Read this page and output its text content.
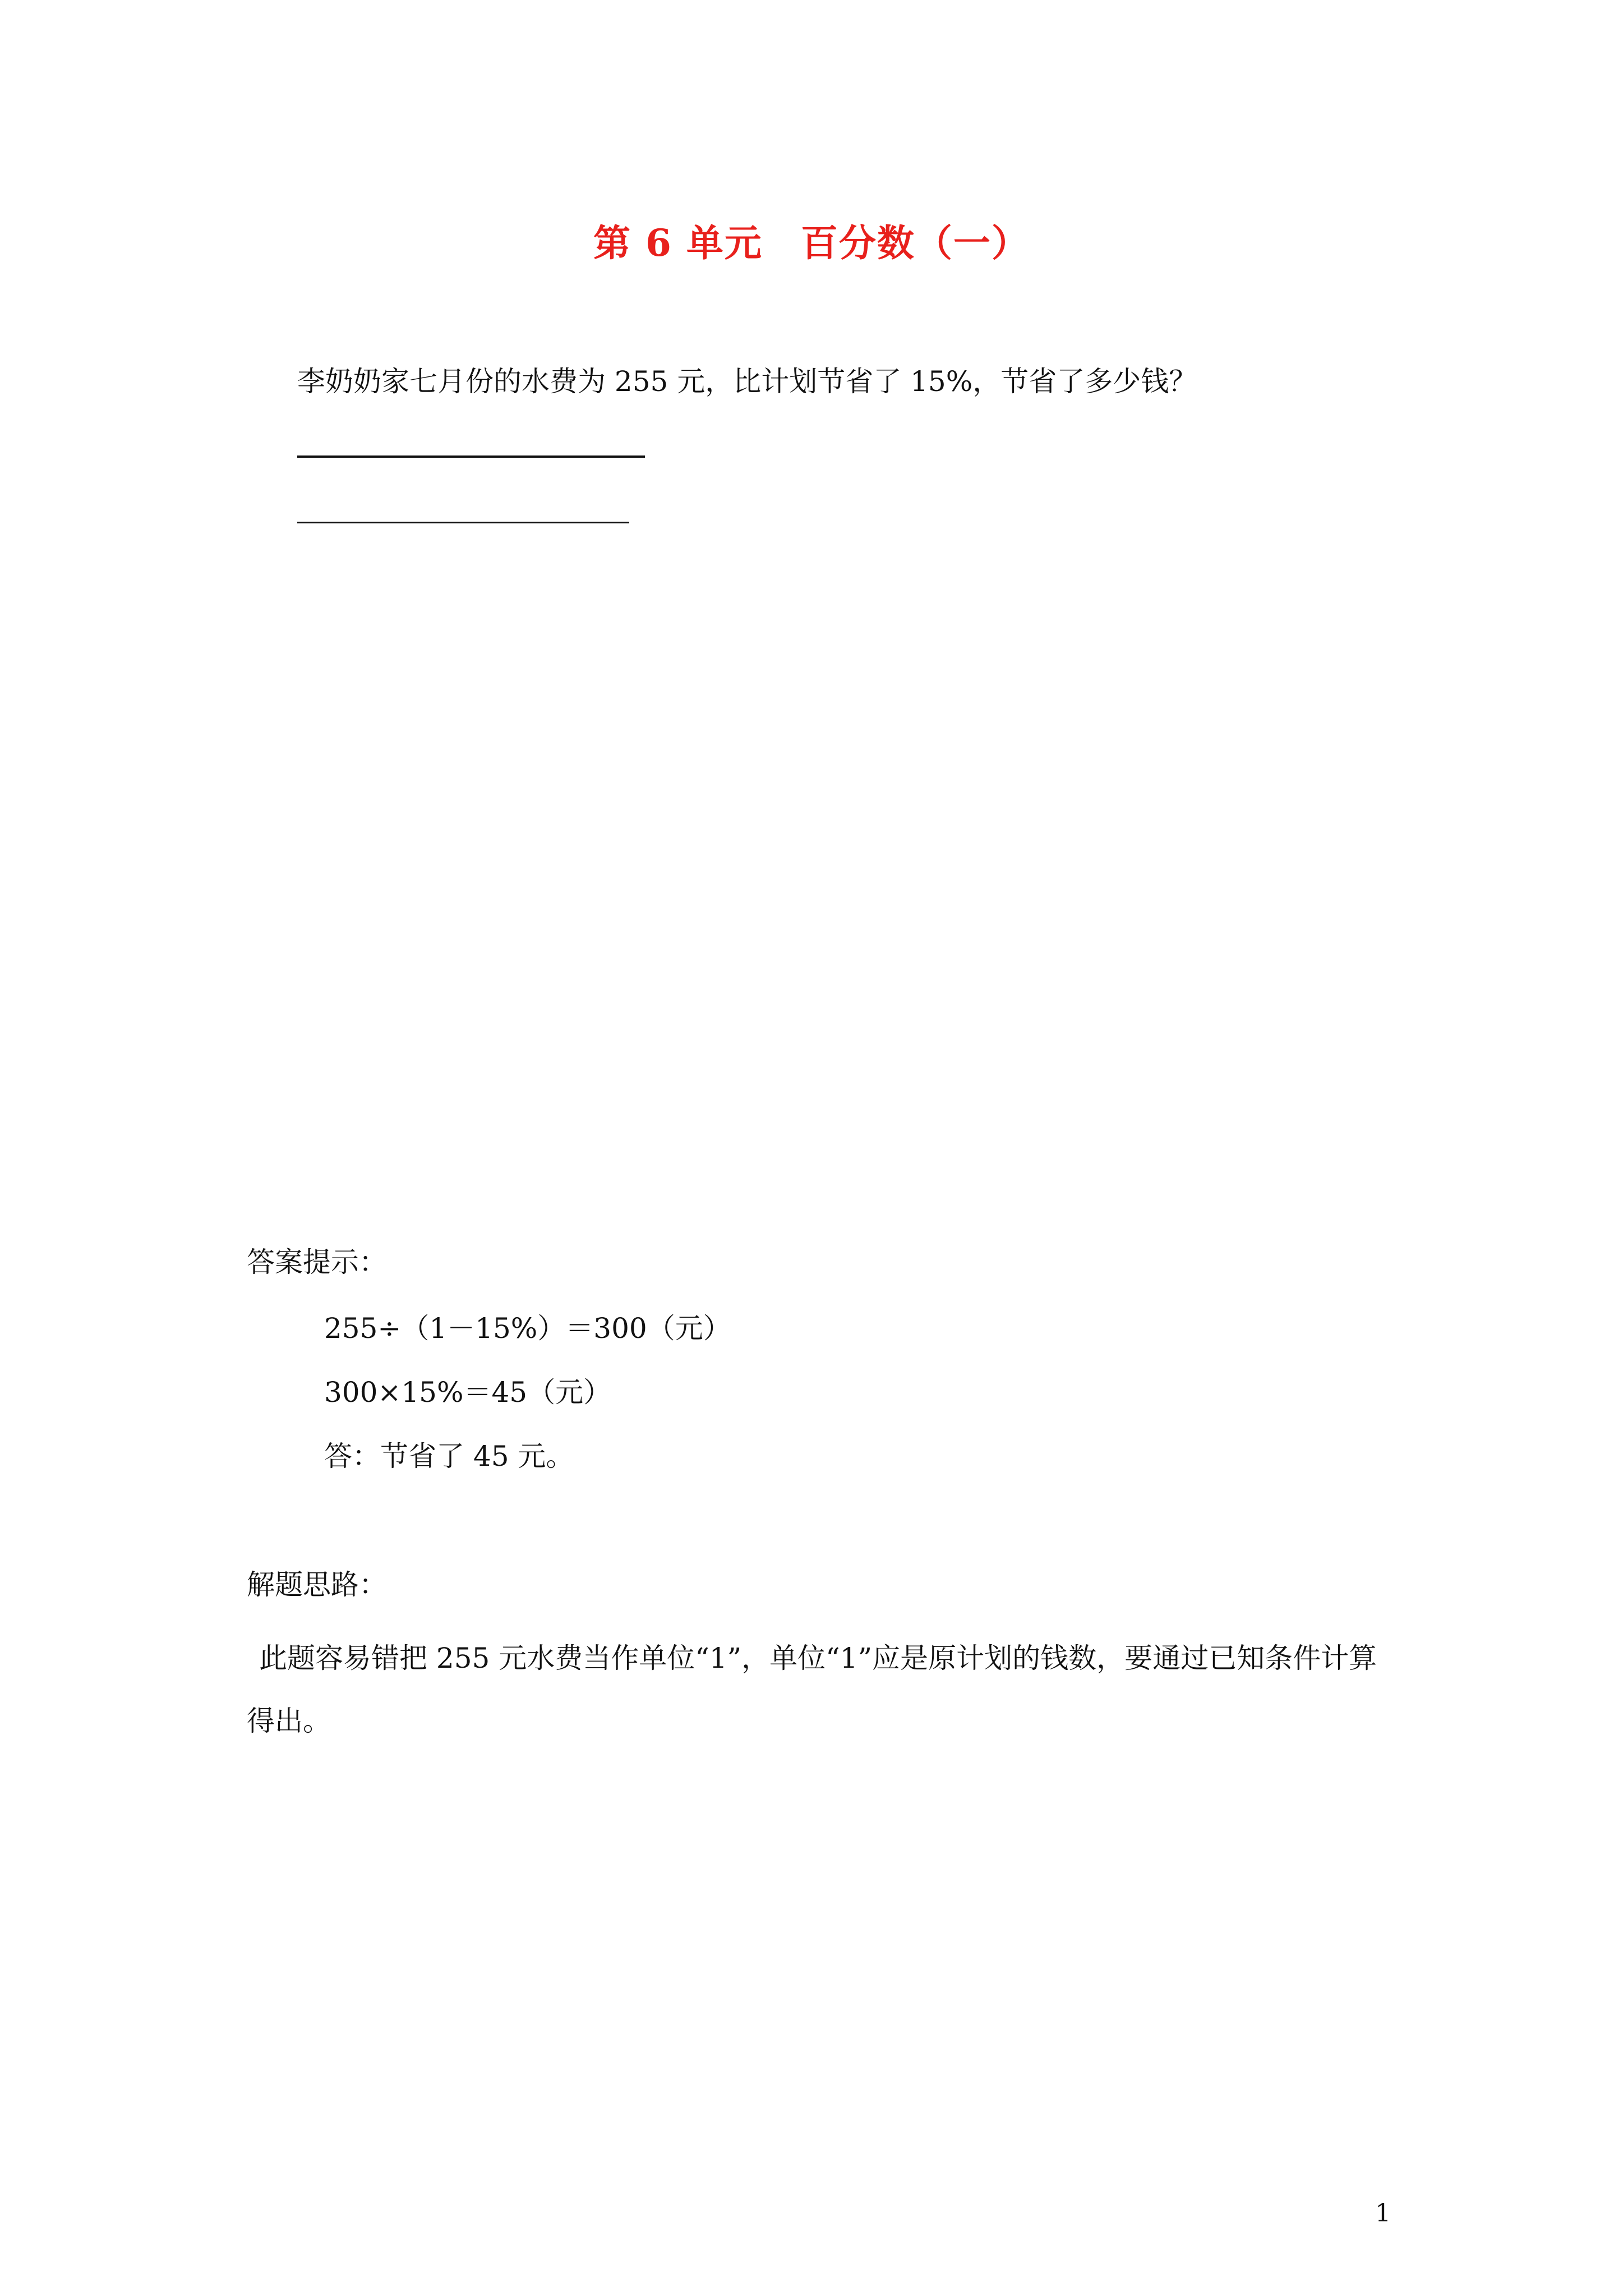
第 6 单元　百分数（一）
李奶奶家七月份的水费为 255 元，比计划节省了 15%，节省了多少钱？
答案提示：
255÷（1－15%）＝300（元）
300×15%＝45（元）
答：节省了 45 元。
解题思路：
此题容易错把 255 元水费当作单位“1”，单位“1”应是原计划的钱数，要通过已知条件计算得出。
1
